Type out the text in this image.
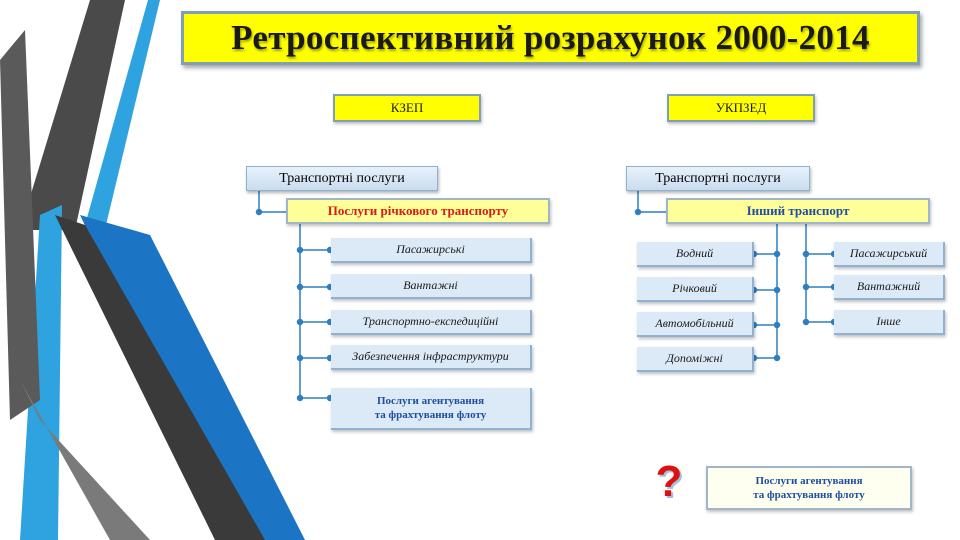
Ретроспективний розрахунок 2000-2014
КЗЕП	УКПЗЕД
Транспортні послуги
Послуги річкового транспорту
Пасажирські
Вантажні
Транспортно-експедиційні
Забезпечення інфраструктури
Послуги агентування
та фрахтування флоту
Транспортні послуги
Інший транспорт
Водний
Річковий
Автомобільний
Допоміжні
Пасажирський
Вантажний
Інше
?	Послуги агентування
та фрахтування флоту
